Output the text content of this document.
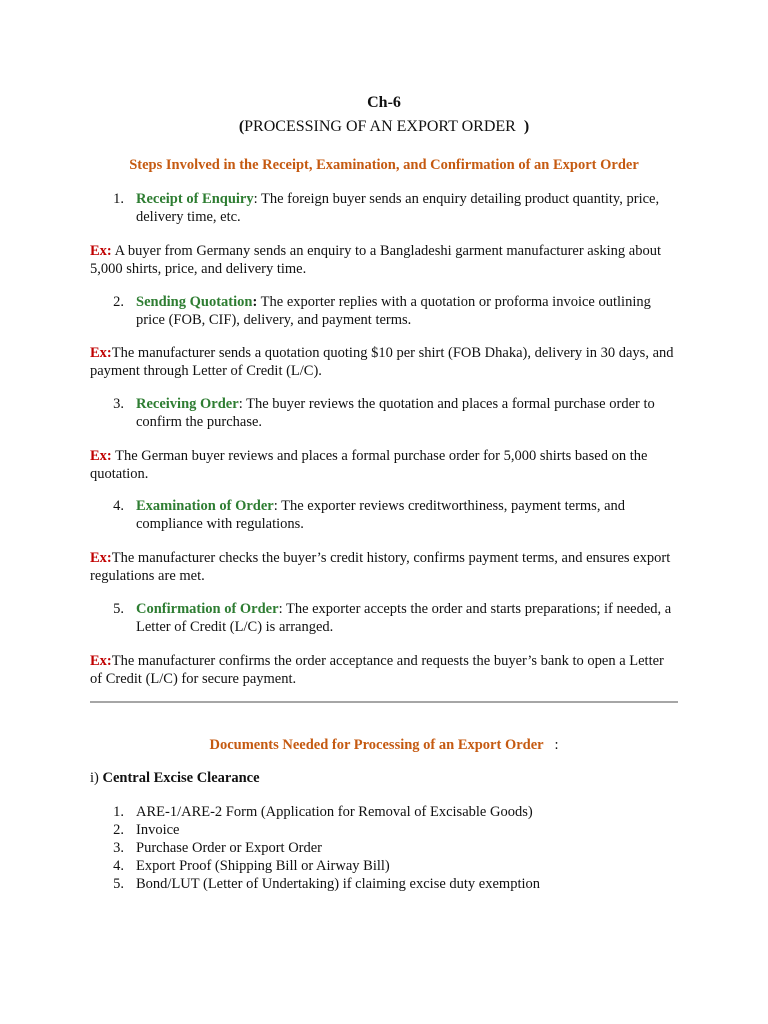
Ch-6
(PROCESSING OF AN EXPORT ORDER )
Steps Involved in the Receipt, Examination, and Confirmation of an Export Order
1. Receipt of Enquiry: The foreign buyer sends an enquiry detailing product quantity, price, delivery time, etc.
Ex: A buyer from Germany sends an enquiry to a Bangladeshi garment manufacturer asking about 5,000 shirts, price, and delivery time.
2. Sending Quotation: The exporter replies with a quotation or proforma invoice outlining price (FOB, CIF), delivery, and payment terms.
Ex:The manufacturer sends a quotation quoting $10 per shirt (FOB Dhaka), delivery in 30 days, and payment through Letter of Credit (L/C).
3. Receiving Order: The buyer reviews the quotation and places a formal purchase order to confirm the purchase.
Ex: The German buyer reviews and places a formal purchase order for 5,000 shirts based on the quotation.
4. Examination of Order: The exporter reviews creditworthiness, payment terms, and compliance with regulations.
Ex:The manufacturer checks the buyer’s credit history, confirms payment terms, and ensures export regulations are met.
5. Confirmation of Order: The exporter accepts the order and starts preparations; if needed, a Letter of Credit (L/C) is arranged.
Ex:The manufacturer confirms the order acceptance and requests the buyer’s bank to open a Letter of Credit (L/C) for secure payment.
Documents Needed for Processing of an Export Order :
i) Central Excise Clearance
1. ARE-1/ARE-2 Form (Application for Removal of Excisable Goods)
2. Invoice
3. Purchase Order or Export Order
4. Export Proof (Shipping Bill or Airway Bill)
5. Bond/LUT (Letter of Undertaking) if claiming excise duty exemption
